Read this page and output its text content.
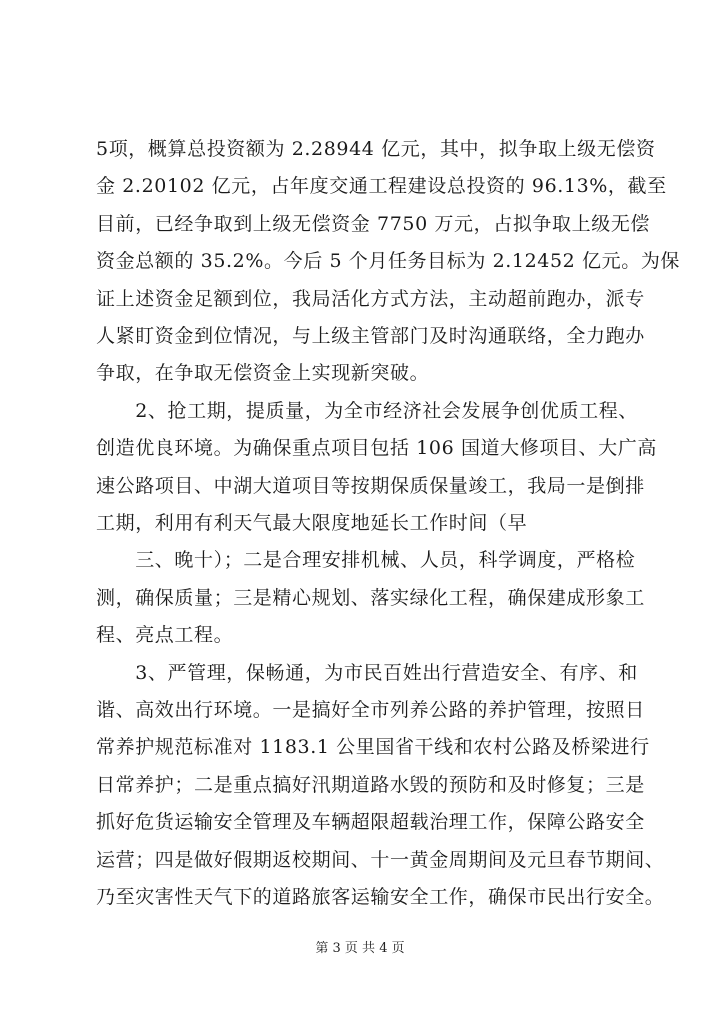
5项，概算总投资额为 2.28944 亿元，其中，拟争取上级无偿资
金 2.20102 亿元，占年度交通工程建设总投资的 96.13%，截至
目前，已经争取到上级无偿资金 7750 万元，占拟争取上级无偿
资金总额的 35.2%。今后 5 个月任务目标为 2.12452 亿元。为保
证上述资金足额到位，我局活化方式方法，主动超前跑办，派专
人紧盯资金到位情况，与上级主管部门及时沟通联络，全力跑办
争取，在争取无偿资金上实现新突破。
　　2、抢工期，提质量，为全市经济社会发展争创优质工程、
创造优良环境。为确保重点项目包括 106 国道大修项目、大广高
速公路项目、中湖大道项目等按期保质保量竣工，我局一是倒排
工期，利用有利天气最大限度地延长工作时间（早
　　三、晚十）；二是合理安排机械、人员，科学调度，严格检
测，确保质量；三是精心规划、落实绿化工程，确保建成形象工
程、亮点工程。
　　3、严管理，保畅通，为市民百姓出行营造安全、有序、和
谐、高效出行环境。一是搞好全市列养公路的养护管理，按照日
常养护规范标准对 1183.1 公里国省干线和农村公路及桥梁进行
日常养护；二是重点搞好汛期道路水毁的预防和及时修复；三是
抓好危货运输安全管理及车辆超限超载治理工作，保障公路安全
运营；四是做好假期返校期间、十一黄金周期间及元旦春节期间、
乃至灾害性天气下的道路旅客运输安全工作，确保市民出行安全。
第 3 页 共 4 页
